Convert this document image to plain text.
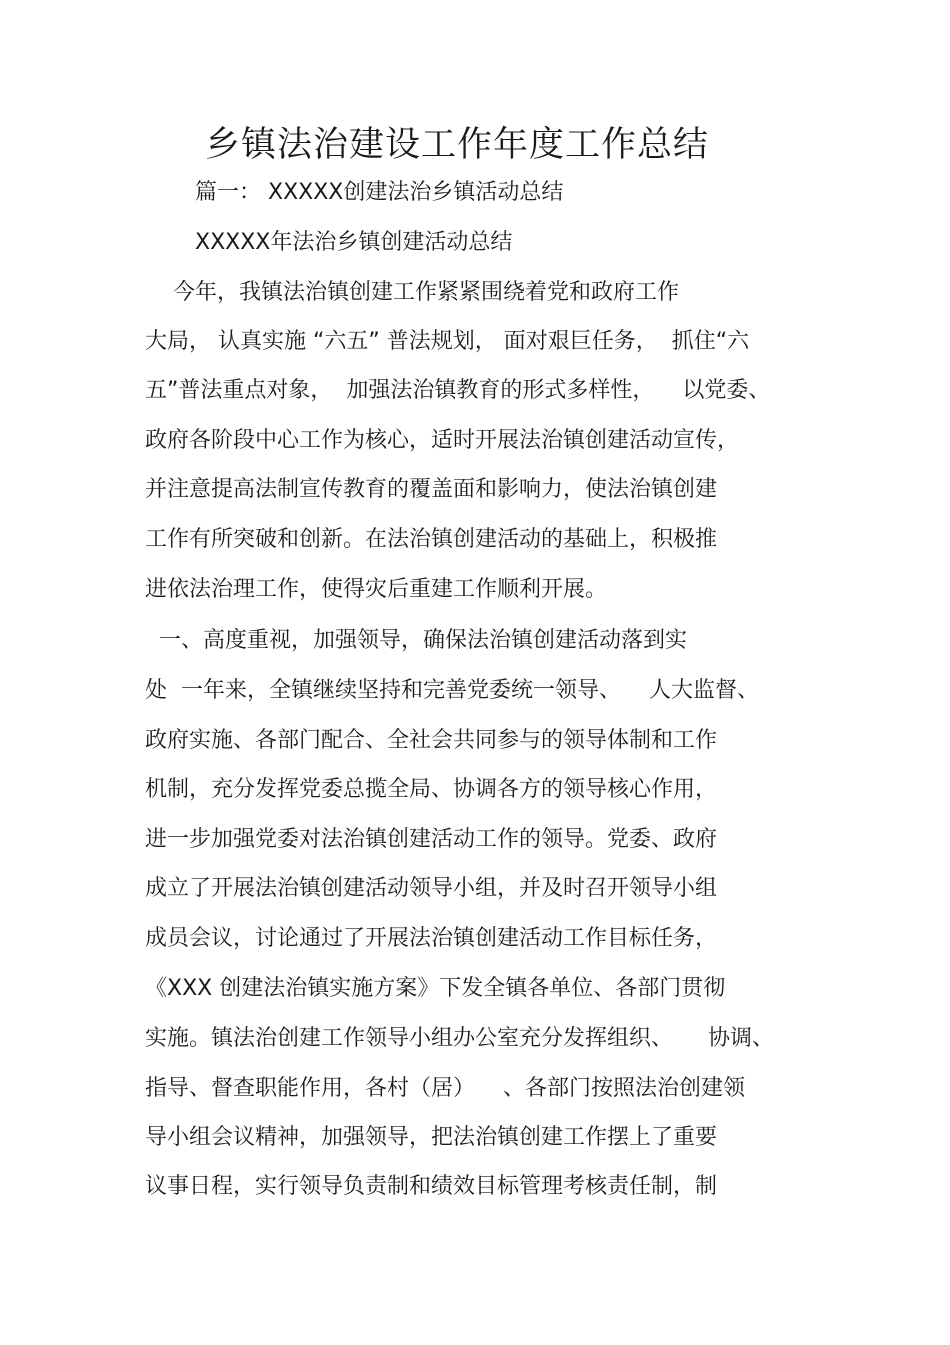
乡镇法治建设工作年度工作总结
篇一： XXXXX创建法治乡镇活动总结
XXXXX年法治乡镇创建活动总结
今年，我镇法治镇创建工作紧紧围绕着党和政府工作
大局， 认真实施 “六五” 普法规划， 面对艰巨任务，  抓住“六
五”普法重点对象，  加强法治镇教育的形式多样性，    以党委、
政府各阶段中心工作为核心，适时开展法治镇创建活动宣传，
并注意提高法制宣传教育的覆盖面和影响力，使法治镇创建
工作有所突破和创新。在法治镇创建活动的基础上，积极推
进依法治理工作，使得灾后重建工作顺利开展。
一、高度重视，加强领导，确保法治镇创建活动落到实
处  一年来，全镇继续坚持和完善党委统一领导、    人大监督、
政府实施、各部门配合、全社会共同参与的领导体制和工作
机制，充分发挥党委总揽全局、协调各方的领导核心作用，
进一步加强党委对法治镇创建活动工作的领导。党委、政府
成立了开展法治镇创建活动领导小组，并及时召开领导小组
成员会议，讨论通过了开展法治镇创建活动工作目标任务，
《XXX 创建法治镇实施方案》下发全镇各单位、各部门贯彻
实施。镇法治创建工作领导小组办公室充分发挥组织、     协调、
指导、督查职能作用，各村（居）    、各部门按照法治创建领
导小组会议精神，加强领导，把法治镇创建工作摆上了重要
议事日程，实行领导负责制和绩效目标管理考核责任制，制
